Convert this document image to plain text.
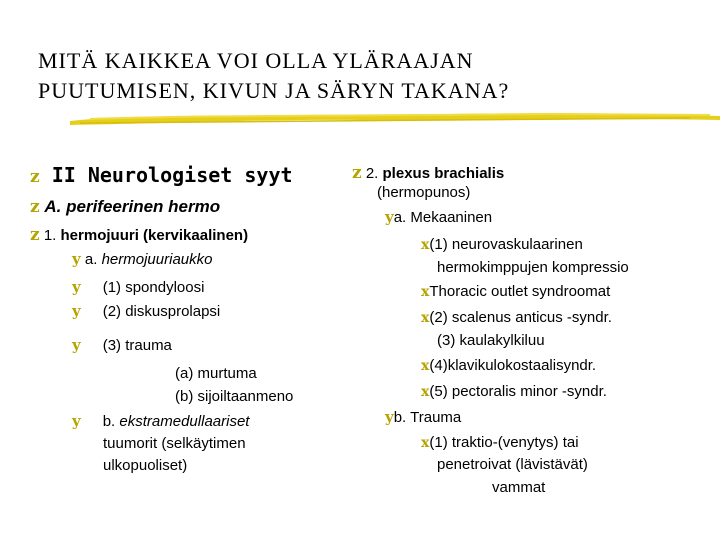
MITÄ KAIKKEA VOI OLLA YLÄRAAJAN
PUUTUMISEN, KIVUN JA SÄRYN TAKANA?
z II Neurologiset syyt
z A. perifeerinen hermo
z 1. hermojuuri (kervikaalinen)
y a. hermojuuriaukko
y (1) spondyloosi
y (2) diskusprolapsi
y (3) trauma
(a) murtuma
(b) sijoiltaanmeno
y b. ekstramedullaariset
tuumorit (selkäytimen
ulkopuoliset)
z 2. plexus brachialis
(hermopunos)
ya. Mekaaninen
x(1) neurovaskulaarinen
hermokimppujen kompressio
xThoracic outlet syndroomat
x(2) scalenus anticus -syndr.
(3) kaulakylkiluu
x(4)klavikulokostaalisyndr.
x(5) pectoralis minor -syndr.
yb. Trauma
x(1) traktio-(venytys) tai
penetroivat (lävistävät)
vammat
